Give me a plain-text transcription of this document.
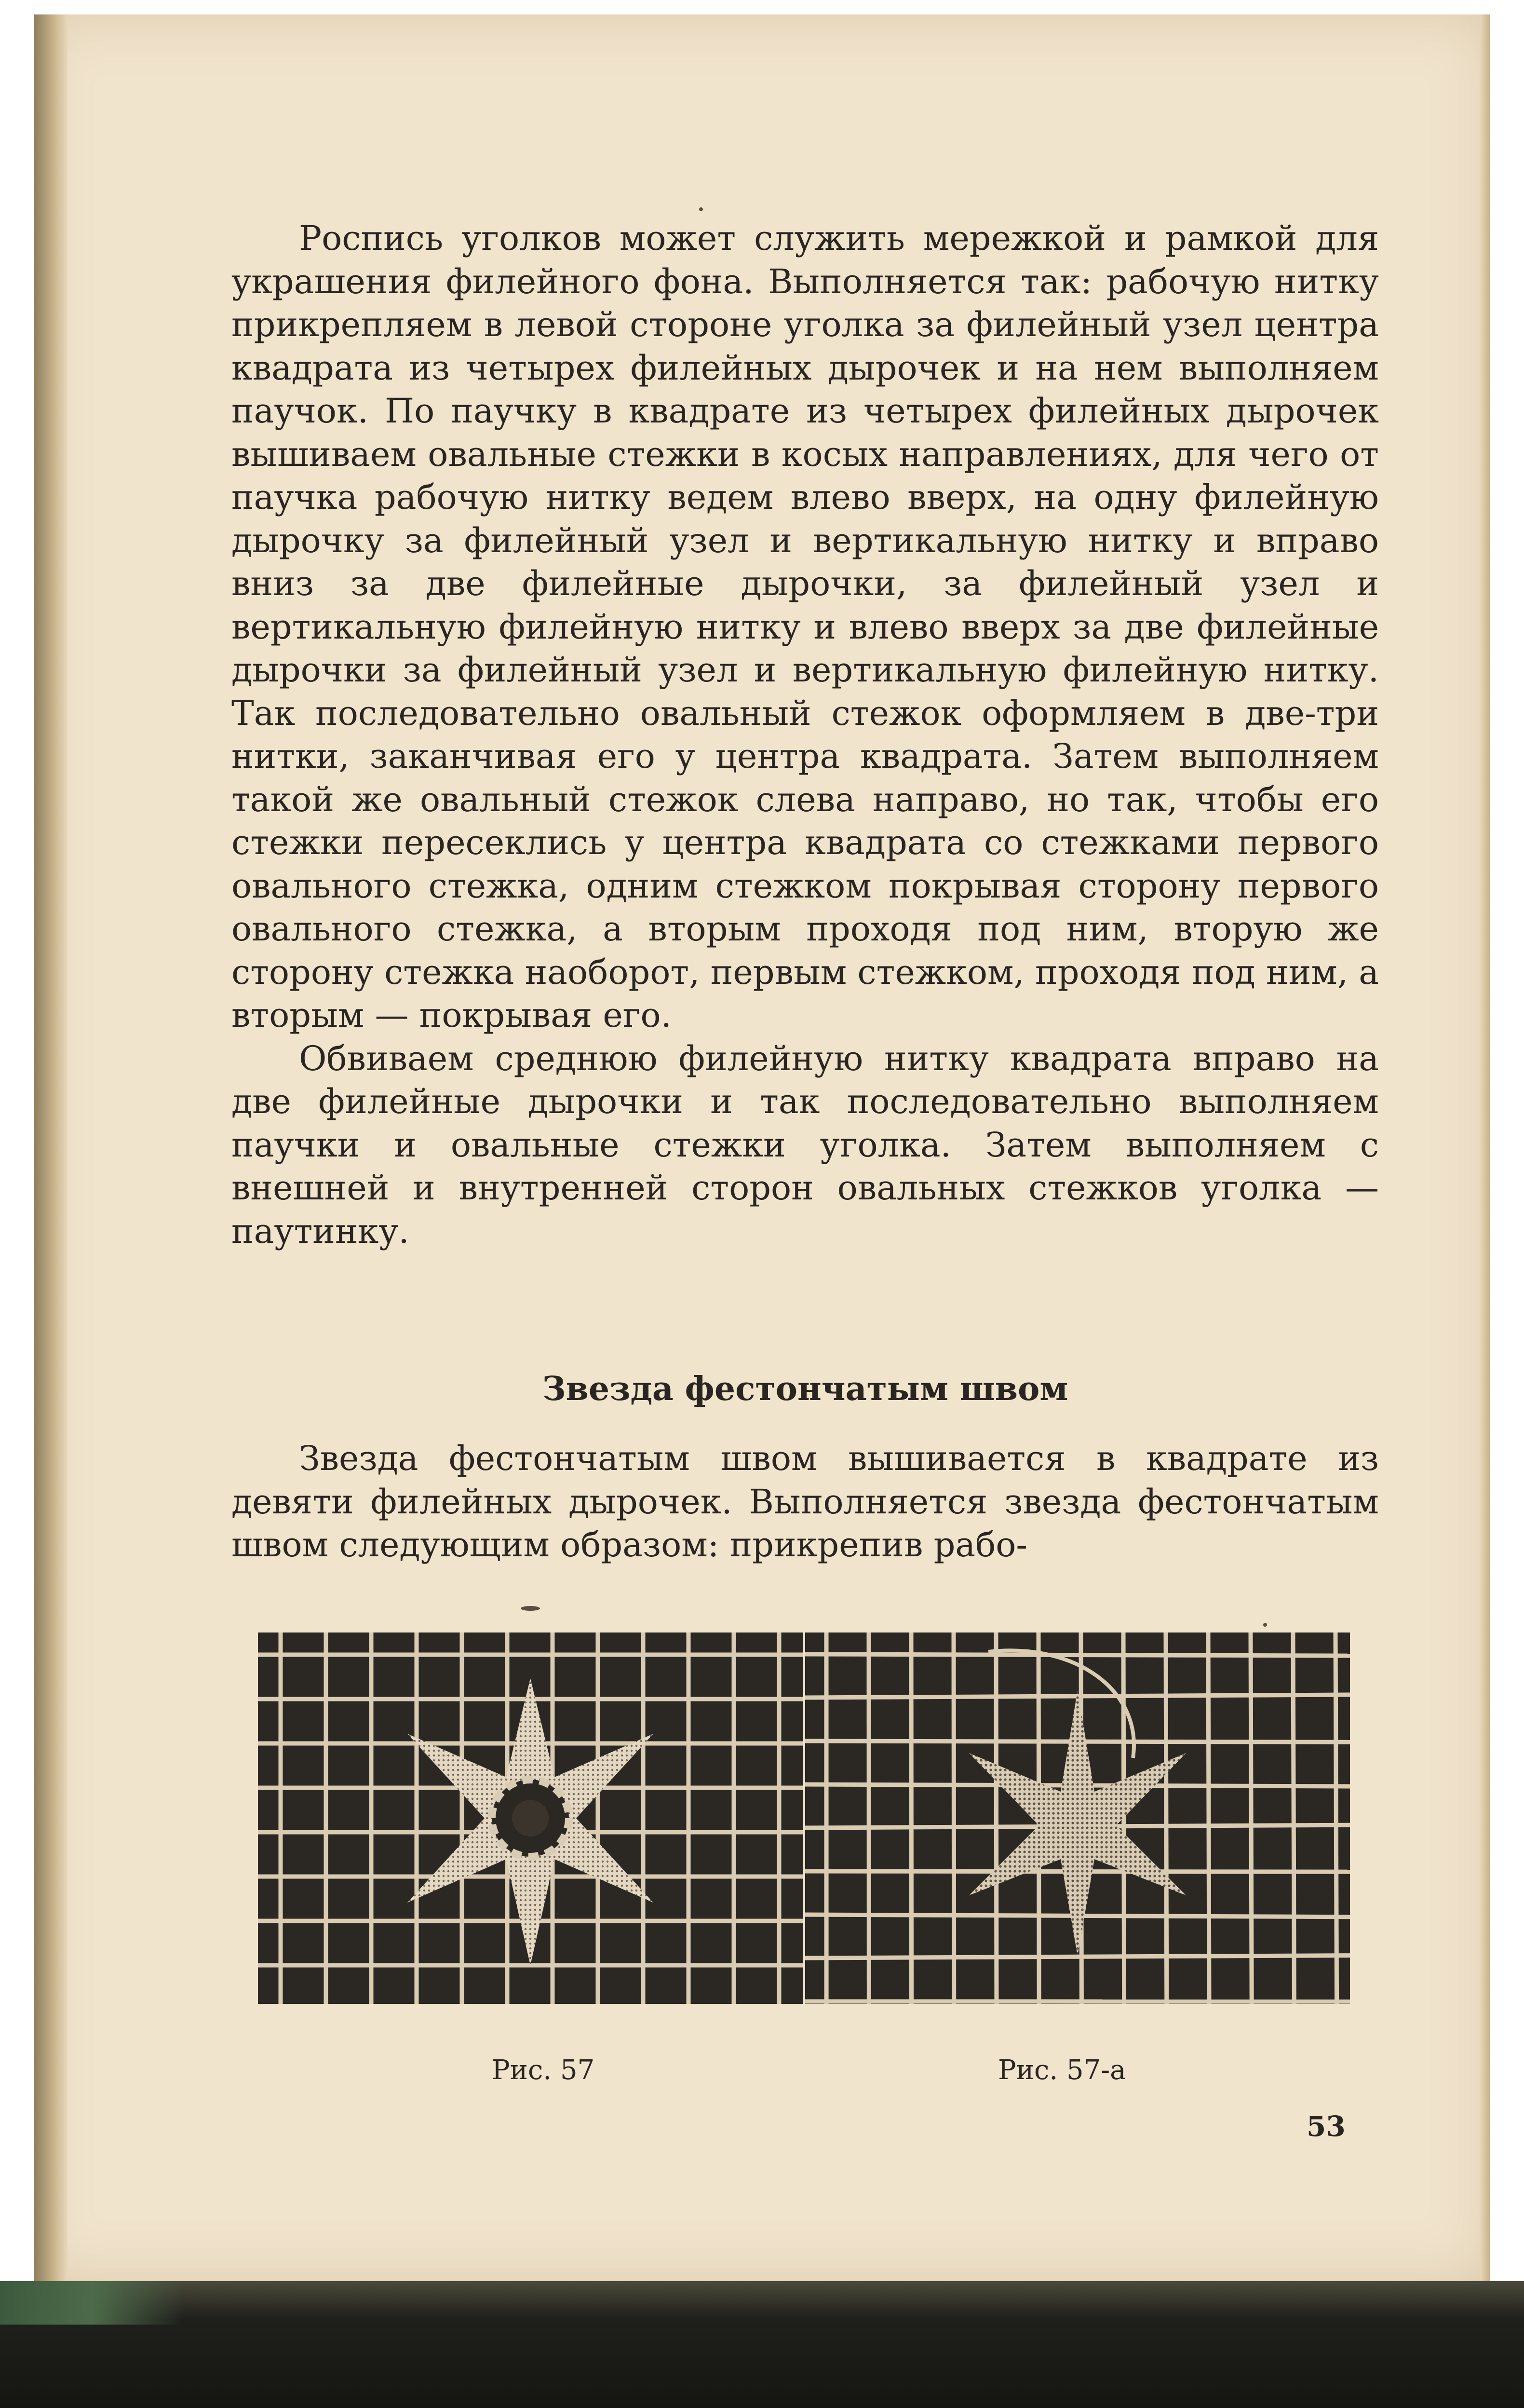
Роспись уголков может служить мережкой и рамкой для украшения филейного фона. Выполняется так: рабочую нитку прикрепляем в левой стороне уголка за филейный узел центра квадрата из четырех филейных дырочек и на нем выполняем паучок. По паучку в квадрате из четырех филейных дырочек вышиваем овальные стежки в косых направлениях, для чего от паучка рабочую нитку ведем влево вверх, на одну филейную дырочку за филейный узел и вертикальную нитку и вправо вниз за две филейные дырочки, за филейный узел и вертикальную филейную нитку и влево вверх за две филейные дырочки за филейный узел и вертикальную филейную нитку. Так последовательно овальный стежок оформляем в две-три нитки, заканчивая его у центра квадрата. Затем выполняем такой же овальный стежок слева направо, но так, чтобы его стежки пересеклись у центра квадрата со стежками первого овального стежка, одним стежком покрывая сторону первого овального стежка, а вторым проходя под ним, вторую же сторону стежка наоборот, первым стежком, проходя под ним, а вторым — покрывая его.

Обвиваем среднюю филейную нитку квадрата вправо на две филейные дырочки и так последовательно выполняем паучки и овальные стежки уголка. Затем выполняем с внешней и внутренней сторон овальных стежков уголка — паутинку.

Звезда фестончатым швом

Звезда фестончатым швом вышивается в квадрате из девяти филейных дырочек. Выполняется звезда фестончатым швом следующим образом: прикрепив рабо-

Рис. 57	Рис. 57-а
53
